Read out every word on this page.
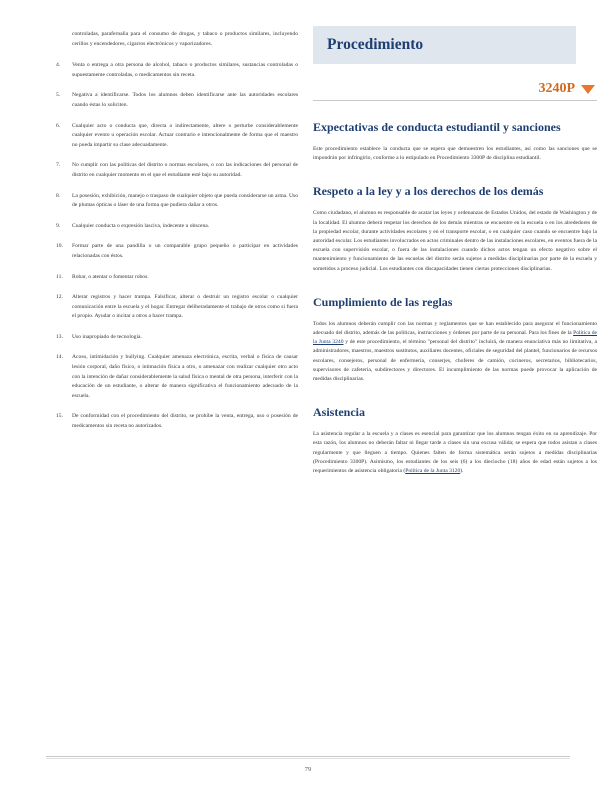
controladas, parafernalia para el consumo de drogas, y tabaco o productos similares, incluyendo cerillos y encendedores, cigarros electrónicos y vaporizadores.

4.	Venta o entrega a otra persona de alcohol, tabaco o productos similares, sustancias controladas o supuestamente controladas, o medicamentos sin receta.
5.	Negativa a identificarse. Todos los alumnos deben identificarse ante las autoridades escolares cuando éstas lo soliciten.
6.	Cualquier acto o conducta que, directa o indirectamente, altere o perturbe considerablemente cualquier evento u operación escolar. Actuar contrario e intencionalmente de forma que el maestro no pueda impartir su clase adecuadamente.
7.	No cumplir con las políticas del distrito o normas escolares, o con las indicaciones del personal de distrito en cualquier momento en el que el estudiante esté bajo su autoridad.
8.	La posesión, exhibición, manejo o traspaso de cualquier objeto que pueda considerarse un arma. Uso de plumas ópticas o láser de una forma que pudiera dañar a otros.
9.	Cualquier conducta o expresión lasciva, indecente u obscena.
10.	Formar parte de una pandilla o un comparable grupo pequeño o participar en actividades relacionadas con éstos.
11.	Robar, o atentar o fomentar robos.
12.	Alterar registros y hacer trampa. Falsificar, alterar o destruir un registro escolar o cualquier comunicación entre la escuela y el hogar. Entregar deliberadamente el trabajo de otros como si fuera el propio. Ayudar o incitar a otros a hacer trampa.
13.	Uso inapropiado de tecnología.
14.	Acoso, intimidación y bullying. Cualquier amenaza electrónica, escrita, verbal o física de causar lesión corporal, daño físico, o intimación física a otro, o amenazar con realizar cualquier otro acto con la intención de dañar considerablemente la salud física o mental de otra persona, interferir con la educación de un estudiante, o alterar de manera significativa el funcionamiento adecuado de la escuela.
15.	De conformidad con el procedimiento del distrito, se prohíbe la venta, entrega, uso o posesión de medicamentos sin receta no autorizados.
Procedimiento
3240P
Expectativas de conducta estudiantil y sanciones

Este procedimiento establece la conducta que se espera que demuestren los estudiantes, así como las sanciones que se impondrán por infringirlo, conforme a lo estipulado en Procedimiento 3300P de disciplina estudiantil.

Respeto a la ley y a los derechos de los demás

Como ciudadano, el alumno es responsable de acatar las leyes y ordenanzas de Estados Unidos, del estado de Washington y de la localidad. El alumno deberá respetar los derechos de los demás mientras se encuentre en la escuela o en los alrededores de la propiedad escolar, durante actividades escolares y en el transporte escolar, o en cualquier caso cuando se encuentre bajo la autoridad escolar. Los estudiantes involucrados en actos criminales dentro de las instalaciones escolares, en eventos fuera de la escuela con supervisión escolar, o fuera de las instalaciones cuando dichos actos tengan un efecto negativo sobre el mantenimiento y funcionamiento de las escuelas del distrito serán sujetos a medidas disciplinarias por parte de la escuela y sometidos a proceso judicial. Los estudiantes con discapacidades tienen ciertas protecciones disciplinarias.

Cumplimiento de las reglas

Todos los alumnos deberán cumplir con las normas y reglamentos que se han establecido para asegurar el funcionamiento adecuado del distrito, además de las políticas, instrucciones y órdenes por parte de su personal. Para los fines de la Política de la Junta 3240 y de este procedimiento, el término "personal del distrito" incluirá, de manera enunciativa más no limitativa, a administradores, maestros, maestros sustitutos, auxiliares docentes, oficiales de seguridad del plantel, funcionarios de recursos escolares, consejeros, personal de enfermería, conserjes, choferes de camión, cocineros, secretarios, bibliotecarios, supervisores de cafetería, subdirectores y directores. El incumplimiento de las normas puede provocar la aplicación de medidas disciplinarias.

Asistencia

La asistencia regular a la escuela y a clases es esencial para garantizar que los alumnos tengan éxito en su aprendizaje. Por esta razón, los alumnos no deberán faltar ni llegar tarde a clases sin una excusa válida; se espera que todos asistan a clases regularmente y que lleguen a tiempo. Quienes falten de forma sistemática serán sujetos a medidas disciplinarias (Procedimiento 3300P). Asimismo, los estudiantes de los seis (6) a los dieciocho (18) años de edad están sujetos a los requerimientos de asistencia obligatoria (Política de la Junta 3120).

79
